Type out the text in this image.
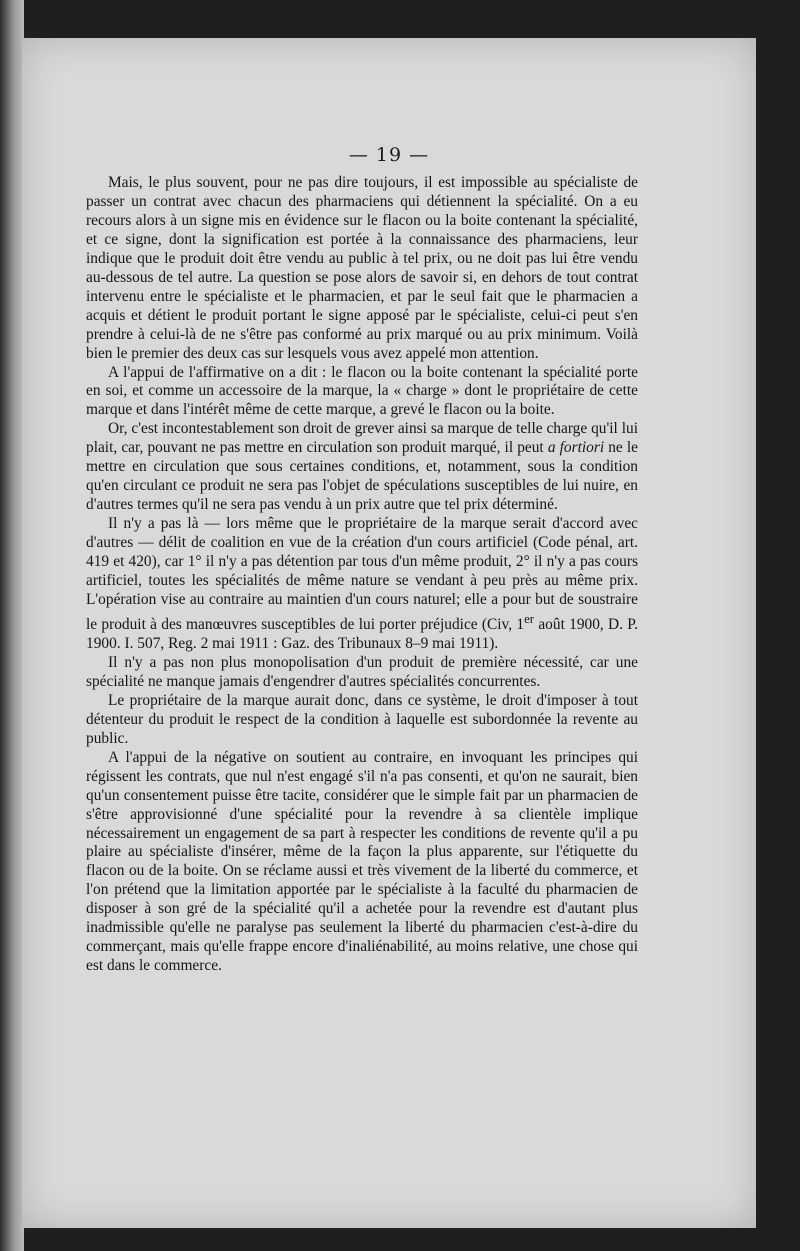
— 19 —

Mais, le plus souvent, pour ne pas dire toujours, il est impossible au spécialiste de passer un contrat avec chacun des pharmaciens qui détiennent la spécialité. On a eu recours alors à un signe mis en évidence sur le flacon ou la boite contenant la spécialité, et ce signe, dont la signification est portée à la connaissance des pharmaciens, leur indique que le produit doit être vendu au public à tel prix, ou ne doit pas lui être vendu au-dessous de tel autre. La question se pose alors de savoir si, en dehors de tout contrat intervenu entre le spécialiste et le pharmacien, et par le seul fait que le pharmacien a acquis et détient le produit portant le signe apposé par le spécialiste, celui-ci peut s'en prendre à celui-là de ne s'être pas conformé au prix marqué ou au prix minimum. Voilà bien le premier des deux cas sur lesquels vous avez appelé mon attention.

A l'appui de l'affirmative on a dit : le flacon ou la boite contenant la spécialité porte en soi, et comme un accessoire de la marque, la « charge » dont le propriétaire de cette marque et dans l'intérêt même de cette marque, a grevé le flacon ou la boite.

Or, c'est incontestablement son droit de grever ainsi sa marque de telle charge qu'il lui plait, car, pouvant ne pas mettre en circulation son produit marqué, il peut a fortiori ne le mettre en circulation que sous certaines conditions, et, notamment, sous la condition qu'en circulant ce produit ne sera pas l'objet de spéculations susceptibles de lui nuire, en d'autres termes qu'il ne sera pas vendu à un prix autre que tel prix déterminé.

Il n'y a pas là — lors même que le propriétaire de la marque serait d'accord avec d'autres — délit de coalition en vue de la création d'un cours artificiel (Code pénal, art. 419 et 420), car 1° il n'y a pas détention par tous d'un même produit, 2° il n'y a pas cours artificiel, toutes les spécialités de même nature se vendant à peu près au même prix. L'opération vise au contraire au maintien d'un cours naturel; elle a pour but de soustraire le produit à des manœuvres susceptibles de lui porter préjudice (Civ, 1er août 1900, D. P. 1900. I. 507, Reg. 2 mai 1911 : Gaz. des Tribunaux 8–9 mai 1911).

Il n'y a pas non plus monopolisation d'un produit de première nécessité, car une spécialité ne manque jamais d'engendrer d'autres spécialités concurrentes.

Le propriétaire de la marque aurait donc, dans ce système, le droit d'imposer à tout détenteur du produit le respect de la condition à laquelle est subordonnée la revente au public.

A l'appui de la négative on soutient au contraire, en invoquant les principes qui régissent les contrats, que nul n'est engagé s'il n'a pas consenti, et qu'on ne saurait, bien qu'un consentement puisse être tacite, considérer que le simple fait par un pharmacien de s'être approvisionné d'une spécialité pour la revendre à sa clientèle implique nécessairement un engagement de sa part à respecter les conditions de revente qu'il a pu plaire au spécialiste d'insérer, même de la façon la plus apparente, sur l'étiquette du flacon ou de la boite. On se réclame aussi et très vivement de la liberté du commerce, et l'on prétend que la limitation apportée par le spécialiste à la faculté du pharmacien de disposer à son gré de la spécialité qu'il a achetée pour la revendre est d'autant plus inadmissible qu'elle ne paralyse pas seulement la liberté du pharmacien c'est-à-dire du commerçant, mais qu'elle frappe encore d'inaliénabilité, au moins relative, une chose qui est dans le commerce.
